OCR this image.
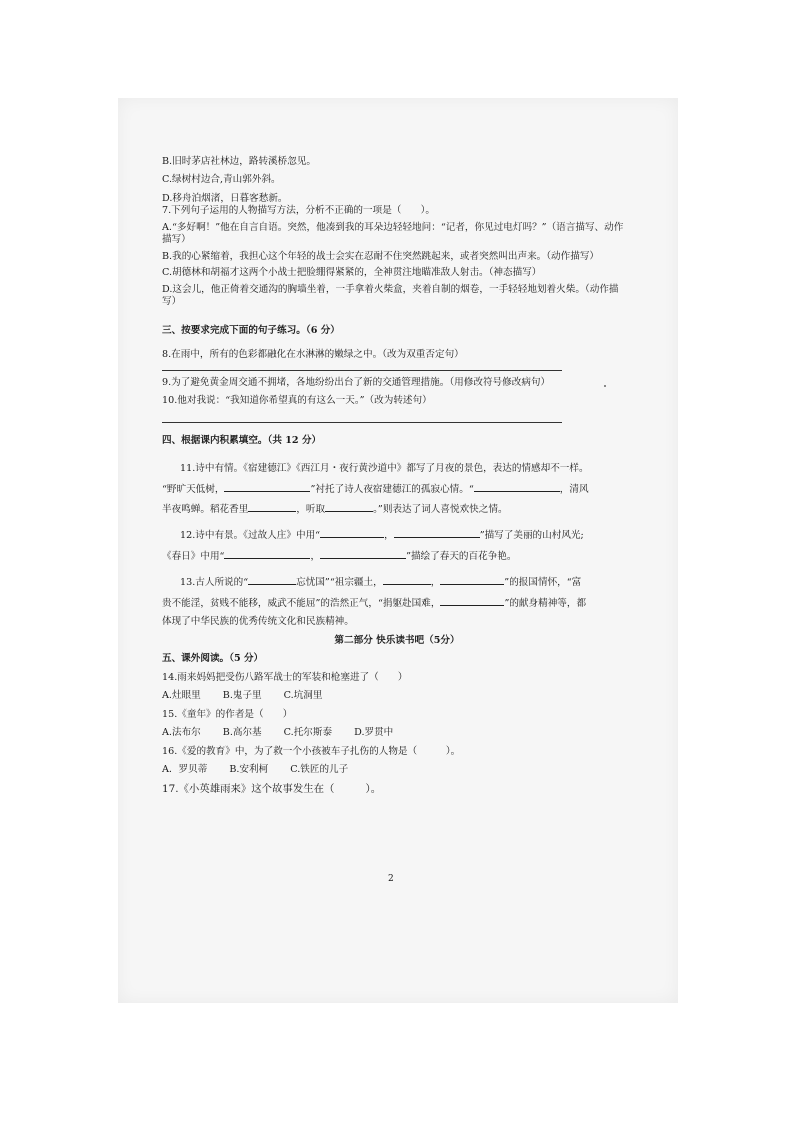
B.旧时茅店社林边，路转溪桥忽见。

C.绿树村边合,青山郭外斜。

D.移舟泊烟渚，日暮客愁新。

7.下列句子运用的人物描写方法，分析不正确的一项是（　　）。

A.“多好啊！”他在自言自语。突然，他凑到我的耳朵边轻轻地问：“记者，你见过电灯吗？”（语言描写、动作描写）

B.我的心紧缩着，我担心这个年轻的战士会实在忍耐不住突然跳起来，或者突然叫出声来。（动作描写）

C.胡德林和胡福才这两个小战士把脸绷得紧紧的，全神贯注地瞄准敌人射击。（神态描写）

D.这会儿，他正倚着交通沟的胸墙坐着，一手拿着火柴盒，夹着自制的烟卷，一手轻轻地划着火柴。（动作描写）

三、按要求完成下面的句子练习。（6 分）

8.在雨中，所有的色彩都融化在水淋淋的嫩绿之中。（改为双重否定句）

9.为了避免黄金周交通不拥堵，各地纷纷出台了新的交通管理措施。（用修改符号修改病句）

10.他对我说：“我知道你希望真的有这么一天。”（改为转述句）

四、根据课内积累填空。（共 12 分）

11.诗中有情。《宿建德江》《西江月・夜行黄沙道中》都写了月夜的景色，表达的情感却不一样。

“野旷天低树，	”衬托了诗人夜宿建德江的孤寂心情。“	，清风

半夜鸣蝉。稻花香里	，听取	。”则表达了词人喜悦欢快之情。

12.诗中有景。《过故人庄》中用“	，	”描写了美丽的山村风光;

《春日》中用“	，	”描绘了春天的百花争艳。

13.古人所说的“	忘忧国”“祖宗疆土，	，	”的报国情怀，“富

贵不能淫，贫贱不能移，威武不能屈”的浩然正气，“捐躯赴国难，	”的献身精神等，都

体现了中华民族的优秀传统文化和民族精神。

第二部分 快乐读书吧（5分）

五、课外阅读。（5 分）

14.雨来妈妈把受伤八路军战士的军装和枪塞进了（　　）

A.灶眼里 B.鬼子里 C.坑洞里

15.《童年》的作者是（　　）

A.法布尔 B.高尔基 C.托尔斯泰 D.罗贯中

16.《爱的教育》中，为了救一个小孩被车子扎伤的人物是（　　　）。

A．罗贝蒂 B.安利柯 C.铁匠的儿子

17.《小英雄雨来》这个故事发生在（　　　）。

2
